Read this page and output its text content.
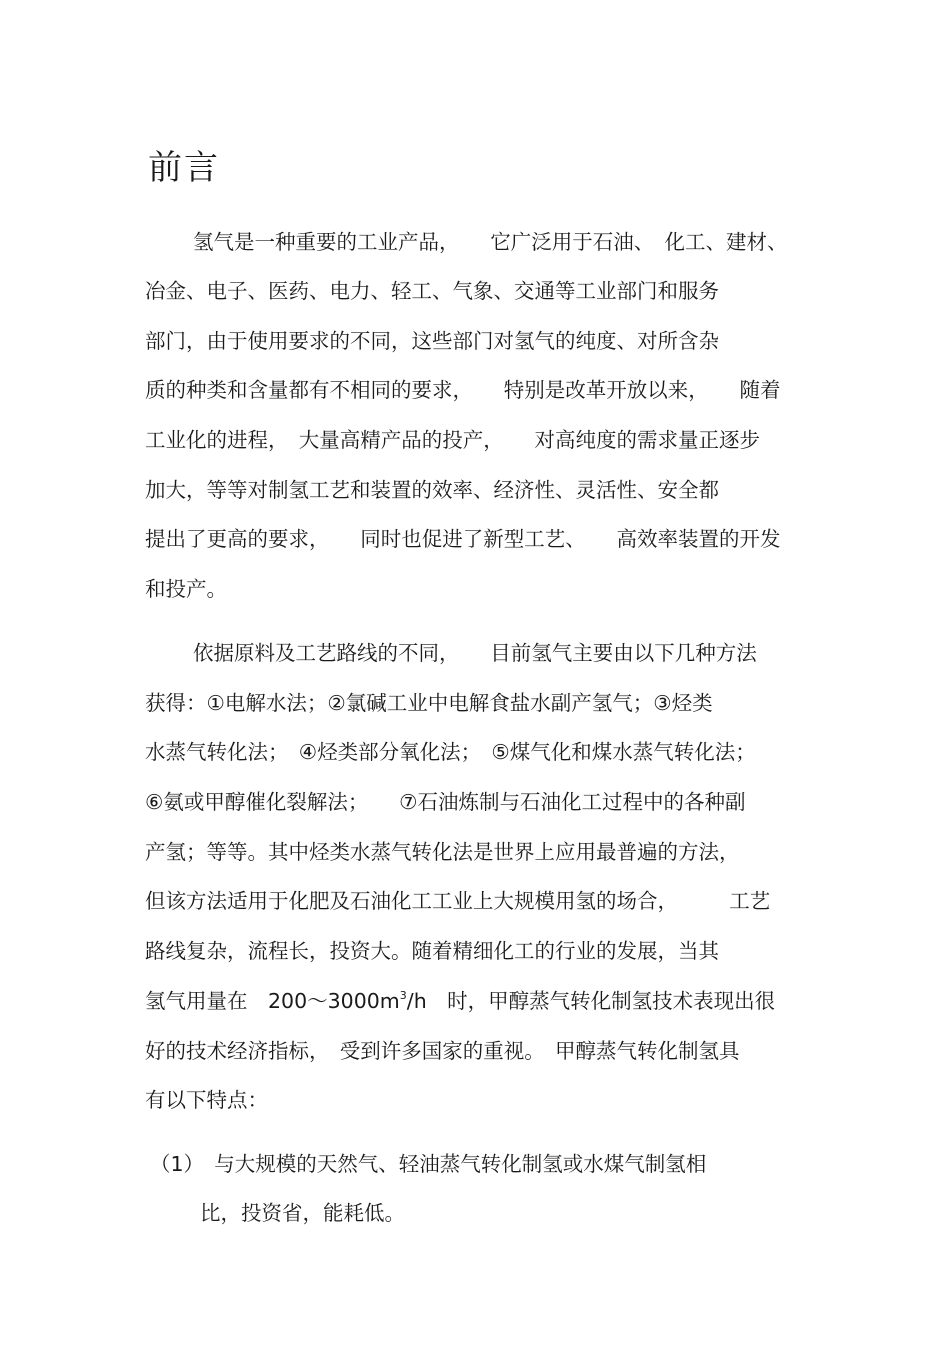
前言
氢气是一种重要的工业产品，　　它广泛用于石油、　化工、建材、
冶金、电子、医药、电力、轻工、气象、交通等工业部门和服务
部门，由于使用要求的不同，这些部门对氢气的纯度、对所含杂
质的种类和含量都有不相同的要求，　　特别是改革开放以来，　　随着
工业化的进程，　大量高精产品的投产，　　对高纯度的需求量正逐步
加大，等等对制氢工艺和装置的效率、经济性、灵活性、安全都
提出了更高的要求，　　同时也促进了新型工艺、　　高效率装置的开发
和投产。
依据原料及工艺路线的不同，　　目前氢气主要由以下几种方法
获得：①电解水法；②氯碱工业中电解食盐水副产氢气；③烃类
水蒸气转化法；　④烃类部分氧化法；　⑤煤气化和煤水蒸气转化法；
⑥氨或甲醇催化裂解法；　　⑦石油炼制与石油化工过程中的各种副
产氢；等等。其中烃类水蒸气转化法是世界上应用最普遍的方法，
但该方法适用于化肥及石油化工工业上大规模用氢的场合，　　　工艺
路线复杂，流程长，投资大。随着精细化工的行业的发展，当其
氢气用量在　$200\sim 3000m^3/h$　时，甲醇蒸气转化制氢技术表现出很
好的技术经济指标，　受到许多国家的重视。　甲醇蒸气转化制氢具
有以下特点：
（1）　与大规模的天然气、轻油蒸气转化制氢或水煤气制氢相
比，投资省，能耗低。
